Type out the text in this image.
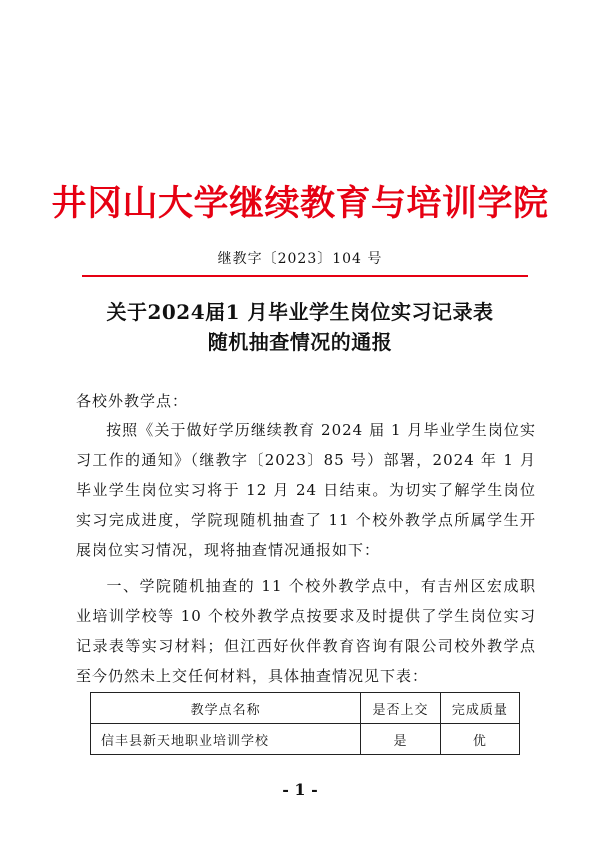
井冈山大学继续教育与培训学院
继教字〔2023〕104 号
关于2024届1 月毕业学生岗位实习记录表
随机抽查情况的通报
各校外教学点：
按照《关于做好学历继续教育 2024 届 1 月毕业学生岗位实习工作的通知》（继教字〔2023〕85 号）部署，2024 年 1 月毕业学生岗位实习将于 12 月 24 日结束。为切实了解学生岗位实习完成进度，学院现随机抽查了 11 个校外教学点所属学生开展岗位实习情况，现将抽查情况通报如下：
一、学院随机抽查的 11 个校外教学点中，有吉州区宏成职业培训学校等 10 个校外教学点按要求及时提供了学生岗位实习记录表等实习材料；但江西好伙伴教育咨询有限公司校外教学点至今仍然未上交任何材料，具体抽查情况见下表：
教学点名称	是否上交	完成质量
信丰县新天地职业培训学校	是	优
- 1 -
